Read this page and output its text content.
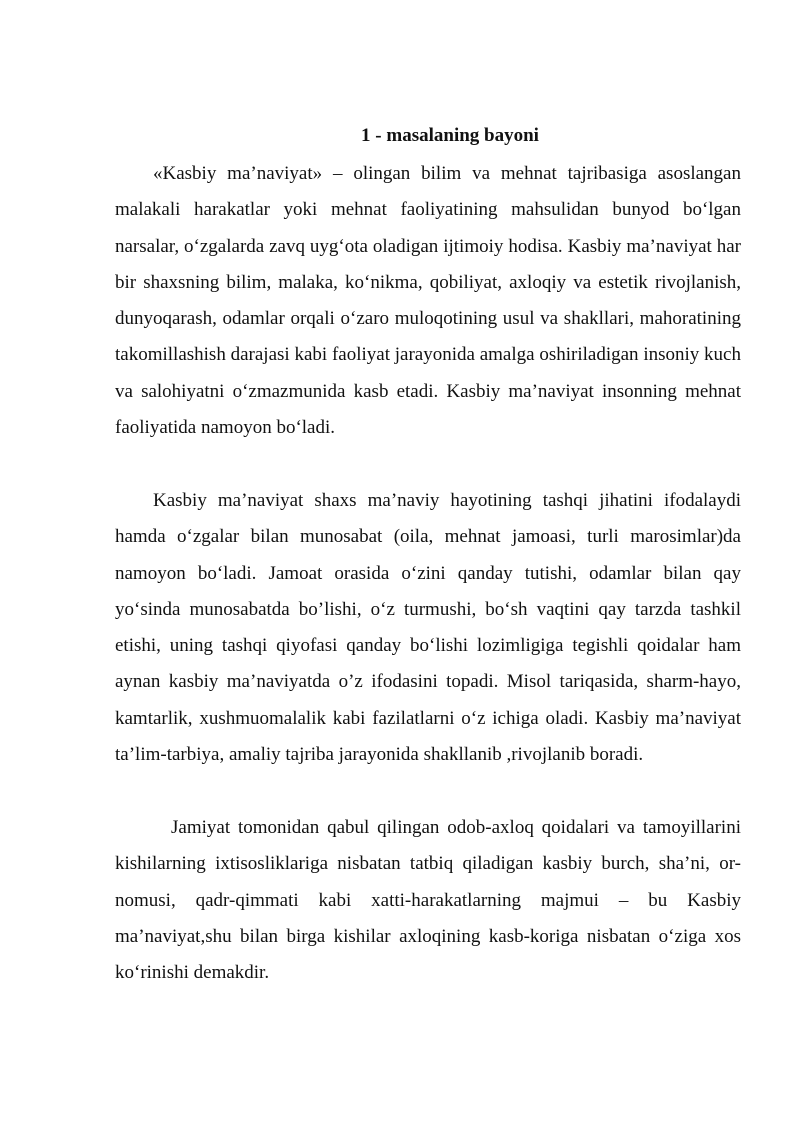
1 - masalaning bayoni

«Kasbiy ma’naviyat» – olingan bilim va mehnat tajribasiga asoslangan malakali harakatlar yoki mehnat faoliyatining mahsulidan bunyod bo‘lgan narsalar, o‘zgalarda zavq uyg‘ota oladigan ijtimoiy hodisa. Kasbiy ma’naviyat har bir shaxsning bilim, malaka, ko‘nikma, qobiliyat, axloqiy va estetik rivojlanish, dunyoqarash, odamlar orqali o‘zaro muloqotining usul va shakllari, mahoratining takomillashish darajasi kabi faoliyat jarayonida amalga oshiriladigan insoniy kuch va salohiyatni o‘zmazmunida kasb etadi. Kasbiy ma’naviyat insonning mehnat faoliyatida namoyon bo‘ladi.

Kasbiy ma’naviyat shaxs ma’naviy hayotining tashqi jihatini ifodalaydi hamda o‘zgalar bilan munosabat (oila, mehnat jamoasi, turli marosimlar)da namoyon bo‘ladi. Jamoat orasida o‘zini qanday tutishi, odamlar bilan qay yo‘sinda munosabatda bo’lishi, o‘z turmushi, bo‘sh vaqtini qay tarzda tashkil etishi, uning tashqi qiyofasi qanday bo‘lishi lozimligiga tegishli qoidalar ham aynan kasbiy ma’naviyatda o’z ifodasini topadi. Misol tariqasida, sharm-hayo, kamtarlik, xushmuomalalik kabi fazilatlarni o‘z ichiga oladi. Kasbiy ma’naviyat ta’lim-tarbiya, amaliy tajriba jarayonida shakllanib ,rivojlanib boradi.

Jamiyat tomonidan qabul qilingan odob-axloq qoidalari va tamoyillarini kishilarning ixtisosliklariga nisbatan tatbiq qiladigan kasbiy burch, sha’ni, or-nomusi, qadr-qimmati kabi xatti-harakatlarning majmui – bu Kasbiy ma’naviyat,shu bilan birga kishilar axloqining kasb-koriga nisbatan o‘ziga xos ko‘rinishi demakdir.
